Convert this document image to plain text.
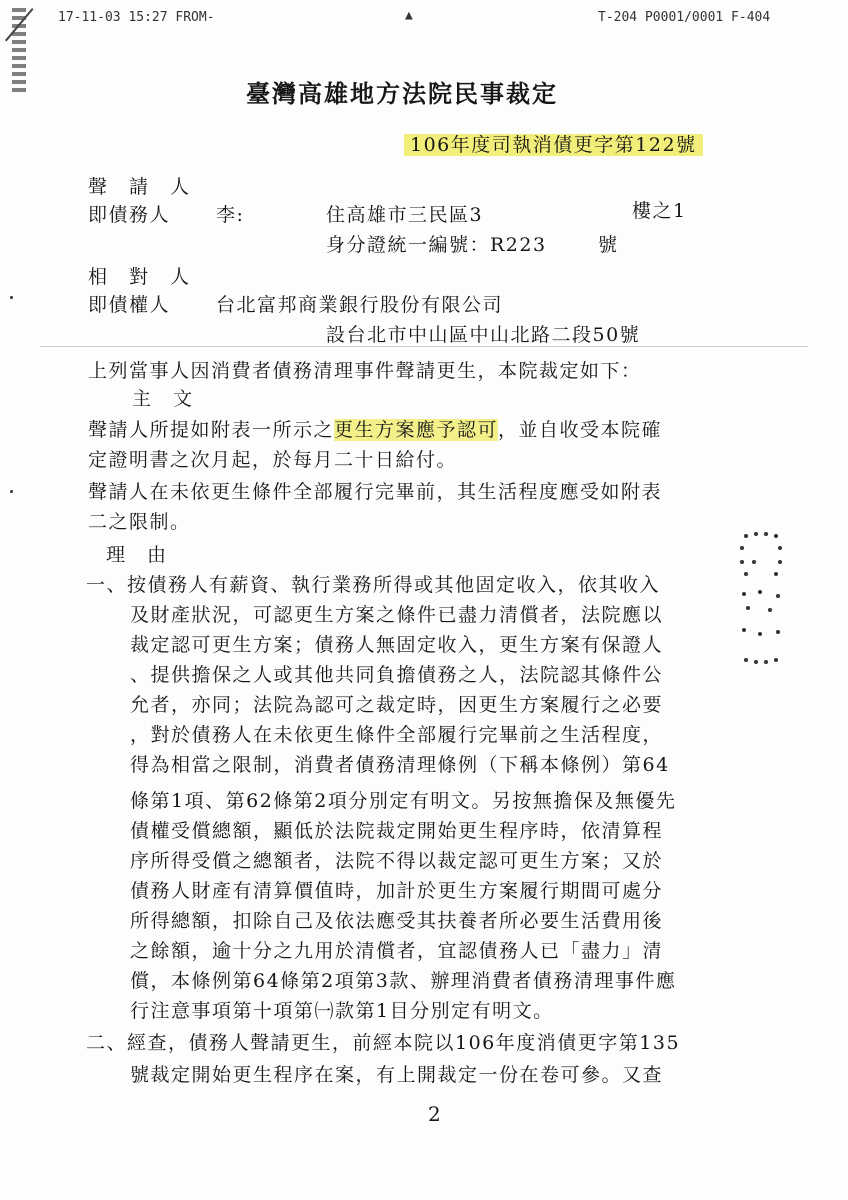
17-11-03 15:27 FROM-	▲	T-204 P0001/0001 F-404
臺灣高雄地方法院民事裁定
106年度司執消債更字第122號
聲　請　人
即債務人 李:	住高雄市三民區3	樓之1
身分證統一編號：R223	號
相　對　人
即債權人 台北富邦商業銀行股份有限公司
設台北市中山區中山北路二段50號
上列當事人因消費者債務清理事件聲請更生，本院裁定如下：
主　文
聲請人所提如附表一所示之更生方案應予認可，並自收受本院確
定證明書之次月起，於每月二十日給付。
聲請人在未依更生條件全部履行完畢前，其生活程度應受如附表
二之限制。
理　由
一、按債務人有薪資、執行業務所得或其他固定收入，依其收入
及財產狀況，可認更生方案之條件已盡力清償者，法院應以
裁定認可更生方案；債務人無固定收入，更生方案有保證人
、提供擔保之人或其他共同負擔債務之人，法院認其條件公
允者，亦同；法院為認可之裁定時，因更生方案履行之必要
，對於債務人在未依更生條件全部履行完畢前之生活程度，
得為相當之限制，消費者債務清理條例（下稱本條例）第64
條第1項、第62條第2項分別定有明文。另按無擔保及無優先
債權受償總額，顯低於法院裁定開始更生程序時，依清算程
序所得受償之總額者，法院不得以裁定認可更生方案；又於
債務人財產有清算價值時，加計於更生方案履行期間可處分
所得總額，扣除自己及依法應受其扶養者所必要生活費用後
之餘額，逾十分之九用於清償者，宜認債務人已「盡力」清
償，本條例第64條第2項第3款、辦理消費者債務清理事件應
行注意事項第〸項第㈠款第1目分別定有明文。
二、經查，債務人聲請更生，前經本院以106年度消債更字第135
號裁定開始更生程序在案，有上開裁定一份在卷可參。又查
2
